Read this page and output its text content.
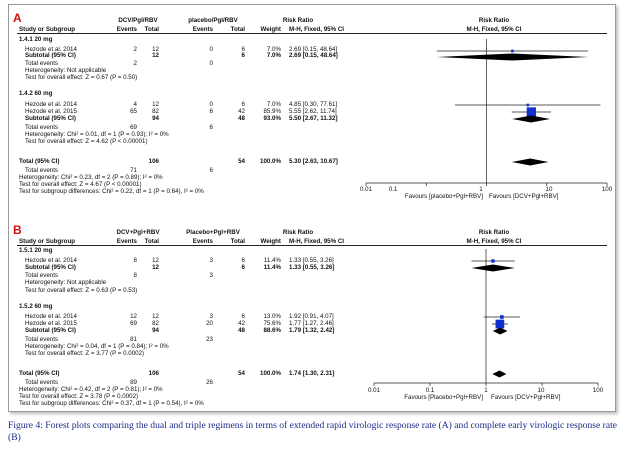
A	DCV/Pgl/RBV	placebo/Pgl/RBV	Risk Ratio	Risk Ratio
Study or Subgroup	Events	Total	Events	Total	Weight M-H, Fixed, 95% CI	M-H, Fixed, 95% CI
1.4.1 20 mg
Hezode et al. 2014	2	12	0	6	7.0% 2.69 [0.15, 48.64]
Subtotal (95% CI)	12	6	7.0% 2.69 [0.15, 48.64]
Total events	2	0
Heterogeneity: Not applicable
Test for overall effect: Z = 0.67 (P = 0.50)
1.4.2 60 mg
Hezode et al. 2014	4	12	0	6	7.0% 4.85 [0.30, 77.61]
Hezode et al. 2015	65	82	6	42	85.9% 5.55 [2.62, 11.74]
Subtotal (95% CI)	94	48	93.0% 5.50 [2.67, 11.32]
Total events	69	6
Heterogeneity: Chi² = 0.01, df = 1 (P = 0.93); I² = 0%
Test for overall effect: Z = 4.62 (P < 0.00001)
Total (95% CI)	106	54	100.0% 5.30 [2.63, 10.67]
Total events	71	6
Heterogeneity: Chi² = 0.23, df = 2 (P = 0.89); I² = 0%
Test for overall effect: Z = 4.67 (P < 0.00001)
Test for subgroup differences: Chi² = 0.22, df = 1 (P = 0.64), I² = 0%	0.01	0.1	1	10	100
Favours [placebo+Pgl+RBV] Favours [DCV+Pgl+RBV]
B	DCV+Pgl+RBV	Placebo+Pgl+RBV	Risk Ratio	Risk Ratio
Study or Subgroup	Events	Total	Events	Total	Weight M-H, Fixed, 95% CI	M-H, Fixed, 95% CI
1.5.1 20 mg
Hezode et al. 2014	8	12	3	6	11.4% 1.33 [0.55, 3.26]
Subtotal (95% CI)	12	6	11.4% 1.33 [0.55, 3.26]
Total events	8	3
Heterogeneity: Not applicable
Test for overall effect: Z = 0.63 (P = 0.53)
1.5.2 60 mg
Hezode et al. 2014	12	12	3	6	13.0% 1.92 [0.91, 4.07]
Hezode et al. 2015	69	82	20	42	75.6% 1.77 [1.27, 2.46]
Subtotal (95% CI)	94	48	88.6% 1.79 [1.32, 2.42]
Total events	81	23
Heterogeneity: Chi² = 0.04, df = 1 (P = 0.84); I² = 0%
Test for overall effect: Z = 3.77 (P = 0.0002)
Total (95% CI)	106	54	100.0% 1.74 [1.30, 2.31]
Total events	89	26
Heterogeneity: Chi² = 0.42, df = 2 (P = 0.81); I² = 0%
Test for overall effect: Z = 3.78 (P = 0.0002)
Test for subgroup differences: Chi² = 0.37, df = 1 (P = 0.54), I² = 0%
0.01	0.1	1	10	100
Favours [Placebo+Pgl+RBV] Favours [DCV+Pgl+RBV]
Figure 4: Forest plots comparing the dual and triple regimens in terms of extended rapid virologic response rate (A) and complete early virologic response rate (B)
